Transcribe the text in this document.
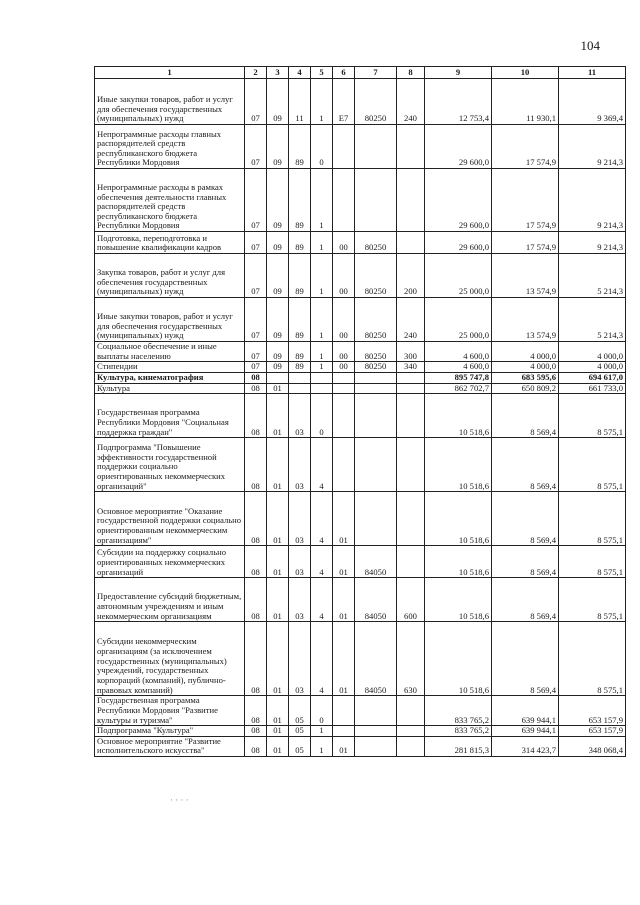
104
1	2	3	4	5	6	7	8	9	10	11
Иные закупки товаров, работ и услуг для обеспечения государственных (муниципальных) нужд	07	09	11	1	Е7	80250	240	12 753,4	11 930,1	9 369,4
Непрограммные расходы главных распорядителей средств республиканского бюджета Республики Мордовия	07	09	89	0				29 600,0	17 574,9	9 214,3
Непрограммные расходы в рамках обеспечения деятельности главных распорядителей средств республиканского бюджета Республики Мордовия	07	09	89	1				29 600,0	17 574,9	9 214,3
Подготовка, переподготовка и повышение квалификации кадров	07	09	89	1	00	80250		29 600,0	17 574,9	9 214,3
Закупка товаров, работ и услуг для обеспечения государственных (муниципальных) нужд	07	09	89	1	00	80250	200	25 000,0	13 574,9	5 214,3
Иные закупки товаров, работ и услуг для обеспечения государственных (муниципальных) нужд	07	09	89	1	00	80250	240	25 000,0	13 574,9	5 214,3
Социальное обеспечение и иные выплаты населению	07	09	89	1	00	80250	300	4 600,0	4 000,0	4 000,0
Стипендии	07	09	89	1	00	80250	340	4 600,0	4 000,0	4 000,0
Культура, кинематография	08							895 747,8	683 595,6	694 617,0
Культура	08	01						862 702,7	650 809,2	661 733,0
Государственная программа Республики Мордовия "Социальная поддержка граждан"	08	01	03	0				10 518,6	8 569,4	8 575,1
Подпрограмма "Повышение эффективности государственной поддержки социально ориентированных некоммерческих организаций"	08	01	03	4				10 518,6	8 569,4	8 575,1
Основное мероприятие "Оказание государственной поддержки социально ориентированным некоммерческим организациям"	08	01	03	4	01			10 518,6	8 569,4	8 575,1
Субсидии на поддержку социально ориентированных некоммерческих организаций	08	01	03	4	01	84050		10 518,6	8 569,4	8 575,1
Предоставление субсидий бюджетным, автономным учреждениям и иным некоммерческим организациям	08	01	03	4	01	84050	600	10 518,6	8 569,4	8 575,1
Субсидии некоммерческим организациям (за исключением государственных (муниципальных) учреждений, государственных корпораций (компаний), публично-правовых компаний)	08	01	03	4	01	84050	630	10 518,6	8 569,4	8 575,1
Государственная программа Республики Мордовия "Развитие культуры и туризма"	08	01	05	0				833 765,2	639 944,1	653 157,9
Подпрограмма "Культура"	08	01	05	1				833 765,2	639 944,1	653 157,9
Основное мероприятие "Развитие исполнительского искусства"	08	01	05	1	01			281 815,3	314 423,7	348 068,4
· · · ·
